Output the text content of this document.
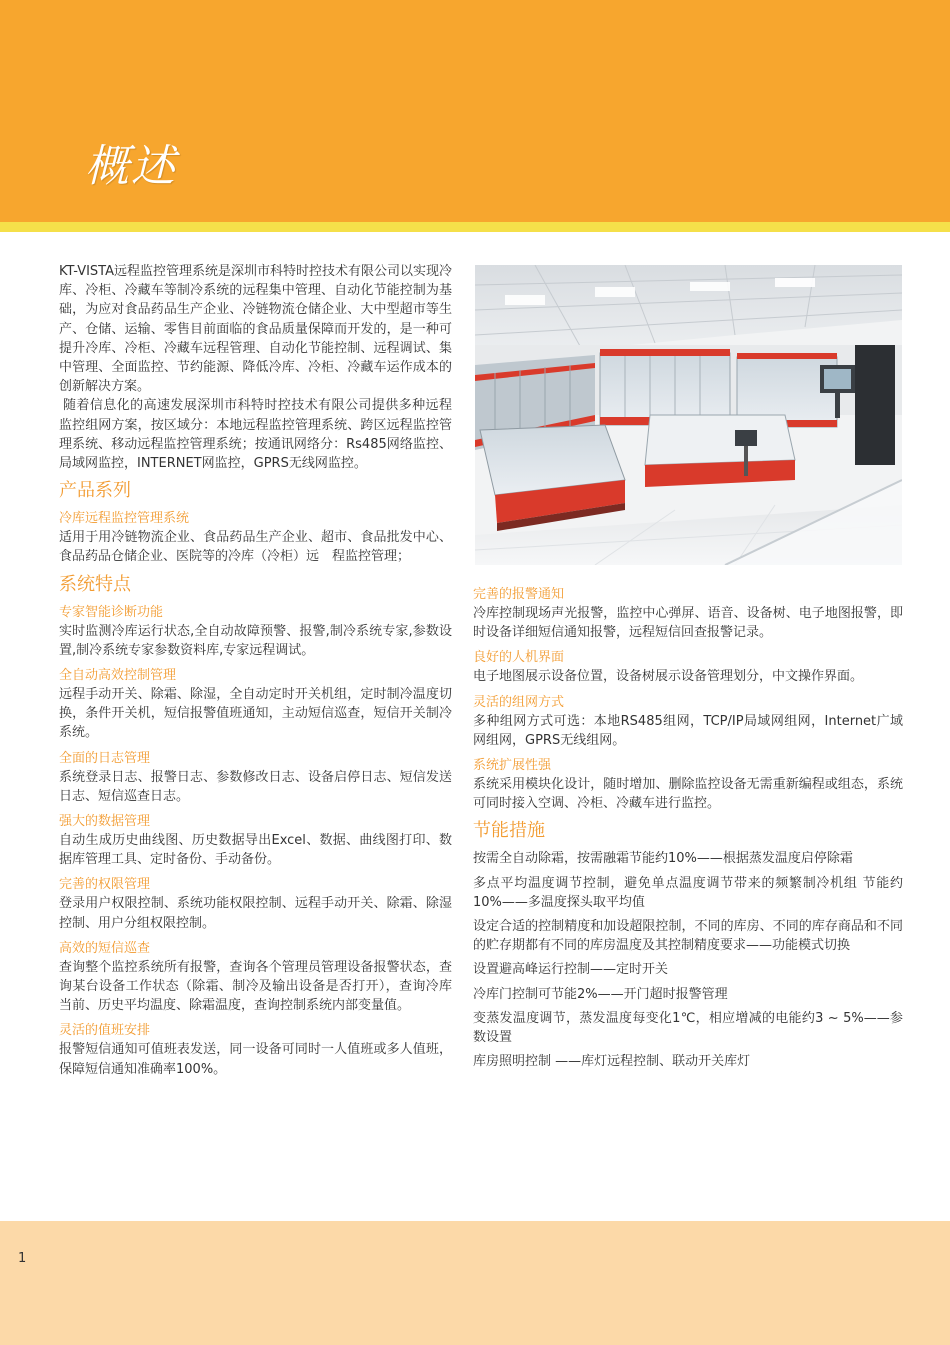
概述

KT-VISTA远程监控管理系统是深圳市科特时控技术有限公司以实现冷库、冷柜、冷藏车等制冷系统的远程集中管理、自动化节能控制为基础，为应对食品药品生产企业、冷链物流仓储企业、大中型超市等生产、仓储、运输、零售目前面临的食品质量保障而开发的，是一种可提升冷库、冷柜、冷藏车远程管理、自动化节能控制、远程调试、集中管理、全面监控、节约能源、降低冷库、冷柜、冷藏车运作成本的创新解决方案。

随着信息化的高速发展深圳市科特时控技术有限公司提供多种远程监控组网方案，按区域分：本地远程监控管理系统、跨区远程监控管理系统、移动远程监控管理系统；按通讯网络分：Rs485网络监控、局域网监控，INTERNET网监控，GPRS无线网监控。

产品系列
冷库远程监控管理系统

适用于用冷链物流企业、食品药品生产企业、超市、食品批发中心、食品药品仓储企业、医院等的冷库（冷柜）远　程监控管理；

系统特点
专家智能诊断功能

实时监测冷库运行状态,全自动故障预警、报警,制冷系统专家,参数设置,制冷系统专家参数资料库,专家远程调试。

全自动高效控制管理

远程手动开关、除霜、除湿，全自动定时开关机组，定时制冷温度切换，条件开关机，短信报警值班通知，主动短信巡查，短信开关制冷系统。

全面的日志管理

系统登录日志、报警日志、参数修改日志、设备启停日志、短信发送日志、短信巡查日志。

强大的数据管理

自动生成历史曲线图、历史数据导出Excel、数据、曲线图打印、数据库管理工具、定时备份、手动备份。

完善的权限管理

登录用户权限控制、系统功能权限控制、远程手动开关、除霜、除湿控制、用户分组权限控制。

高效的短信巡查

查询整个监控系统所有报警，查询各个管理员管理设备报警状态，查询某台设备工作状态（除霜、制冷及输出设备是否打开），查询冷库当前、历史平均温度、除霜温度，查询控制系统内部变量值。

灵活的值班安排

报警短信通知可值班表发送，同一设备可同时一人值班或多人值班，保障短信通知准确率100%。

完善的报警通知

冷库控制现场声光报警，监控中心弹屏、语音、设备树、电子地图报警，即时设备详细短信通知报警，远程短信回查报警记录。

良好的人机界面

电子地图展示设备位置，设备树展示设备管理划分，中文操作界面。

灵活的组网方式

多种组网方式可选：本地RS485组网，TCP/IP局域网组网，Internet广域网组网，GPRS无线组网。

系统扩展性强

系统采用模块化设计，随时增加、删除监控设备无需重新编程或组态，系统可同时接入空调、冷柜、冷藏车进行监控。

节能措施

按需全自动除霜，按需融霜节能约10%——根据蒸发温度启停除霜

多点平均温度调节控制，避免单点温度调节带来的频繁制冷机组 节能约10%——多温度探头取平均值

设定合适的控制精度和加设超限控制，不同的库房、不同的库存商品和不同的贮存期都有不同的库房温度及其控制精度要求——功能模式切换

设置避高峰运行控制——定时开关

冷库门控制可节能2%——开门超时报警管理

变蒸发温度调节，蒸发温度每变化1℃，相应增减的电能约3 ~ 5%——参数设置

库房照明控制 ——库灯远程控制、联动开关库灯

1
